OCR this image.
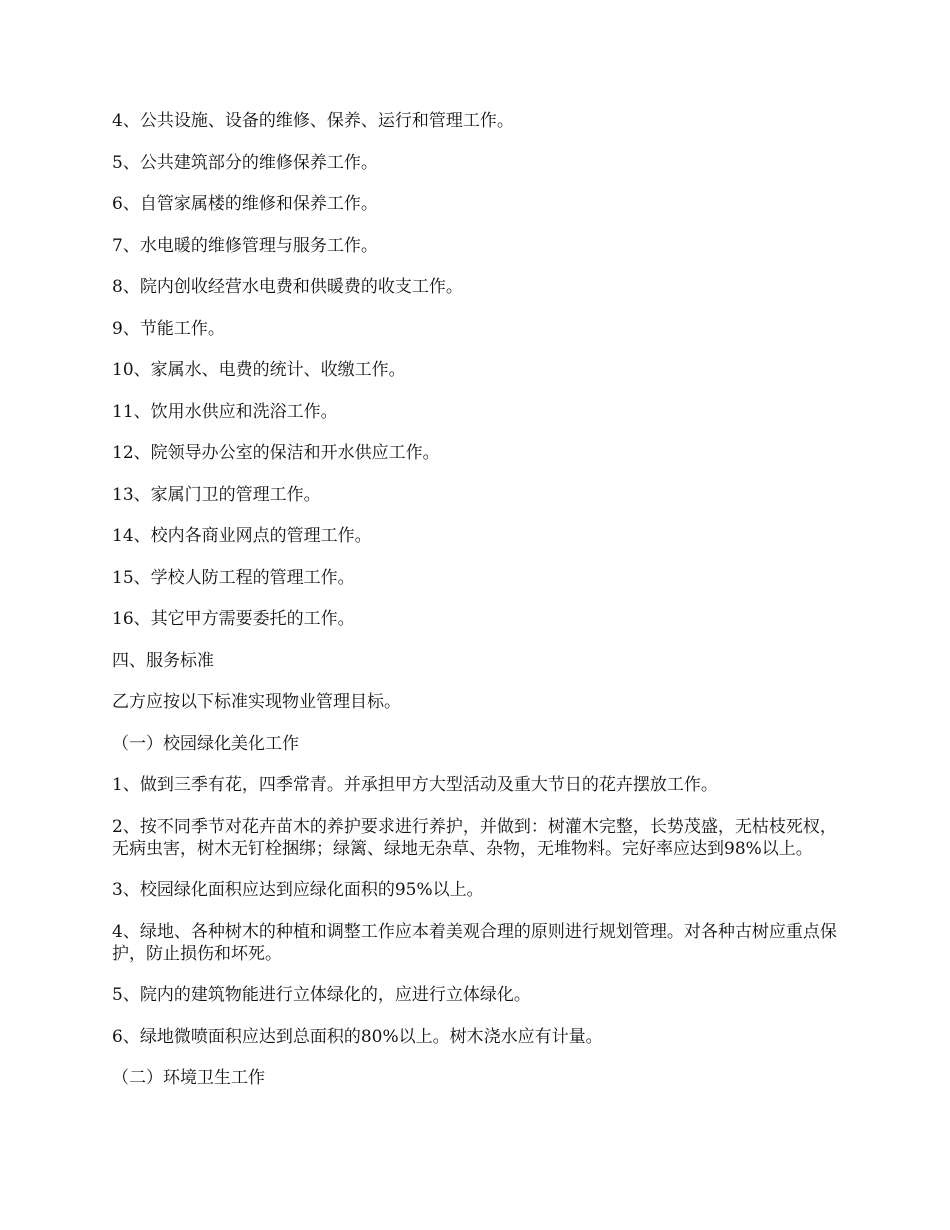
4、公共设施、设备的维修、保养、运行和管理工作。

5、公共建筑部分的维修保养工作。

6、自管家属楼的维修和保养工作。

7、水电暖的维修管理与服务工作。

8、院内创收经营水电费和供暖费的收支工作。

9、节能工作。

10、家属水、电费的统计、收缴工作。

11、饮用水供应和洗浴工作。

12、院领导办公室的保洁和开水供应工作。

13、家属门卫的管理工作。

14、校内各商业网点的管理工作。

15、学校人防工程的管理工作。

16、其它甲方需要委托的工作。

四、服务标准

乙方应按以下标准实现物业管理目标。

（一）校园绿化美化工作

1、做到三季有花，四季常青。并承担甲方大型活动及重大节日的花卉摆放工作。

2、按不同季节对花卉苗木的养护要求进行养护，并做到：树灌木完整，长势茂盛，无枯枝死杈，无病虫害，树木无钉栓捆绑；绿篱、绿地无杂草、杂物，无堆物料。完好率应达到98%以上。

3、校园绿化面积应达到应绿化面积的95%以上。

4、绿地、各种树木的种植和调整工作应本着美观合理的原则进行规划管理。对各种古树应重点保护，防止损伤和坏死。

5、院内的建筑物能进行立体绿化的，应进行立体绿化。

6、绿地微喷面积应达到总面积的80%以上。树木浇水应有计量。

（二）环境卫生工作
